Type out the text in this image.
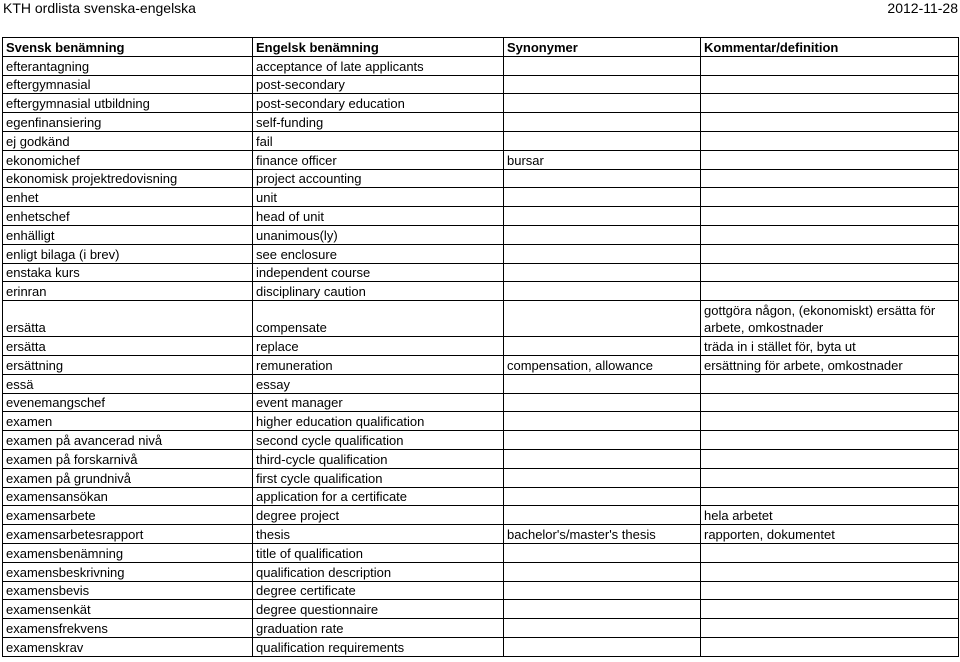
KTH ordlista svenska-engelska	2012-11-28
Svensk benämning	Engelsk benämning	Synonymer	Kommentar/definition
efterantagning	acceptance of late applicants		
eftergymnasial	post-secondary		
eftergymnasial utbildning	post-secondary education		
egenfinansiering	self-funding		
ej godkänd	fail		
ekonomichef	finance officer	bursar	
ekonomisk projektredovisning	project accounting		
enhet	unit		
enhetschef	head of unit		
enhälligt	unanimous(ly)		
enligt bilaga (i brev)	see enclosure		
enstaka kurs	independent course		
erinran	disciplinary caution		
ersätta	compensate		gottgöra någon, (ekonomiskt) ersätta för arbete, omkostnader
ersätta	replace		träda in i stället för, byta ut
ersättning	remuneration	compensation, allowance	ersättning för arbete, omkostnader
essä	essay		
evenemangschef	event manager		
examen	higher education qualification		
examen på avancerad nivå	second cycle qualification		
examen på forskarnivå	third-cycle qualification		
examen på grundnivå	first cycle qualification		
examensansökan	application for a certificate		
examensarbete	degree project		hela arbetet
examensarbetesrapport	thesis	bachelor's/master's thesis	rapporten, dokumentet
examensbenämning	title of qualification		
examensbeskrivning	qualification description		
examensbevis	degree certificate		
examensenkät	degree questionnaire		
examensfrekvens	graduation rate		
examenskrav	qualification requirements		
